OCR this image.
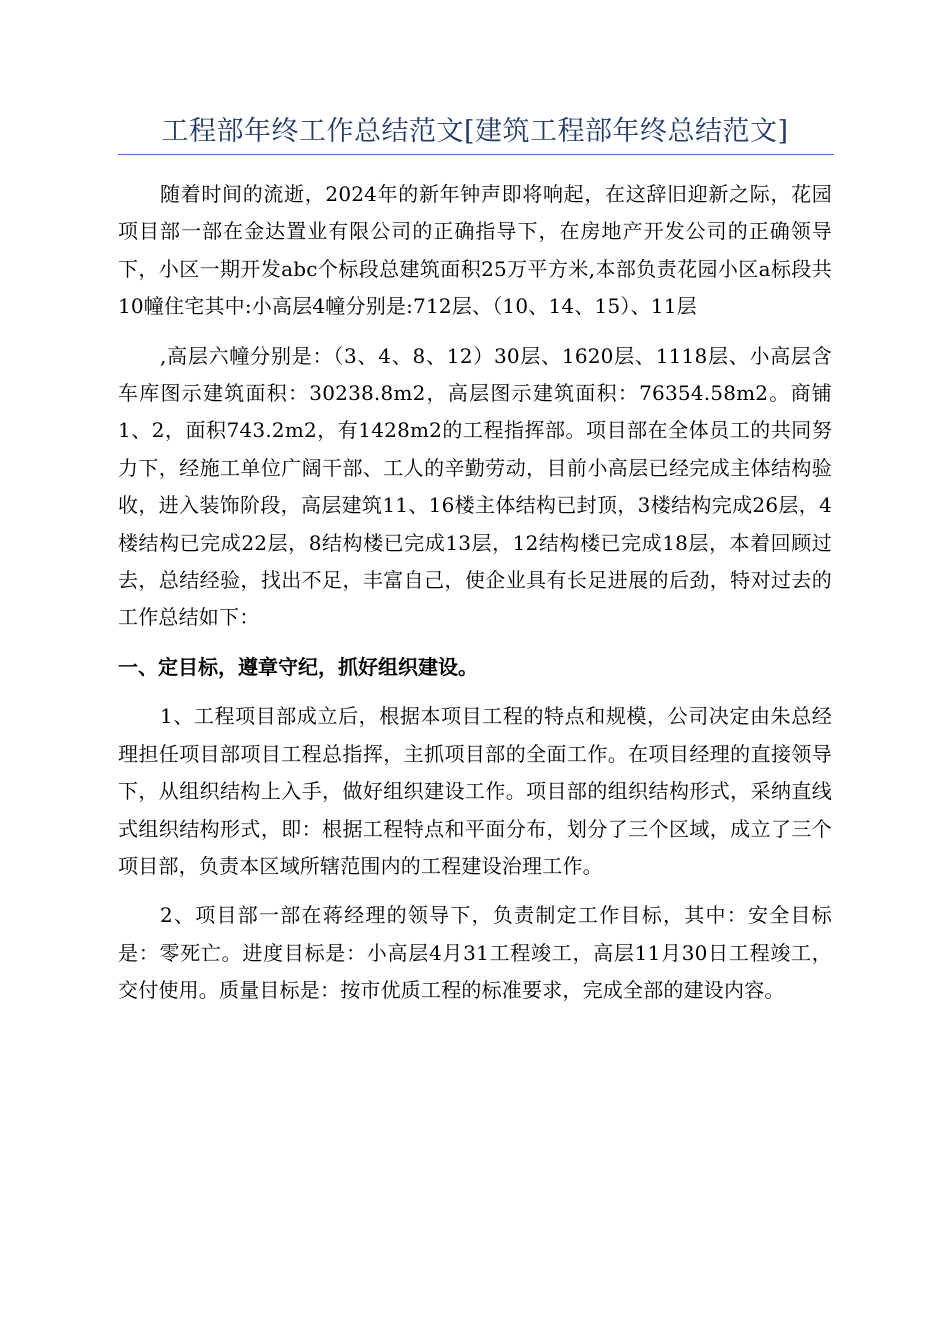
工程部年终工作总结范文[建筑工程部年终总结范文]

随着时间的流逝，2024年的新年钟声即将响起，在这辞旧迎新之际，花园项目部一部在金达置业有限公司的正确指导下，在房地产开发公司的正确领导下，小区一期开发abc个标段总建筑面积25万平方米,本部负责花园小区a标段共10幢住宅其中:小高层4幢分别是:712层、（10、14、15）、11层

,高层六幢分别是：（3、4、8、12）30层、1620层、1118层、小高层含车库图示建筑面积：30238.8m2，高层图示建筑面积：76354.58m2。商铺1、2，面积743.2m2，有1428m2的工程指挥部。项目部在全体员工的共同努力下，经施工单位广阔干部、工人的辛勤劳动，目前小高层已经完成主体结构验收，进入装饰阶段，高层建筑11、16楼主体结构已封顶，3楼结构完成26层，4楼结构已完成22层，8结构楼已完成13层，12结构楼已完成18层，本着回顾过去，总结经验，找出不足，丰富自己，使企业具有长足进展的后劲，特对过去的工作总结如下：

一、定目标，遵章守纪，抓好组织建设。

1、工程项目部成立后，根据本项目工程的特点和规模，公司决定由朱总经理担任项目部项目工程总指挥，主抓项目部的全面工作。在项目经理的直接领导下，从组织结构上入手，做好组织建设工作。项目部的组织结构形式，采纳直线式组织结构形式，即：根据工程特点和平面分布，划分了三个区域，成立了三个项目部，负责本区域所辖范围内的工程建设治理工作。

2、项目部一部在蒋经理的领导下，负责制定工作目标，其中：安全目标是：零死亡。进度目标是：小高层4月31工程竣工，高层11月30日工程竣工，交付使用。质量目标是：按市优质工程的标准要求，完成全部的建设内容。
